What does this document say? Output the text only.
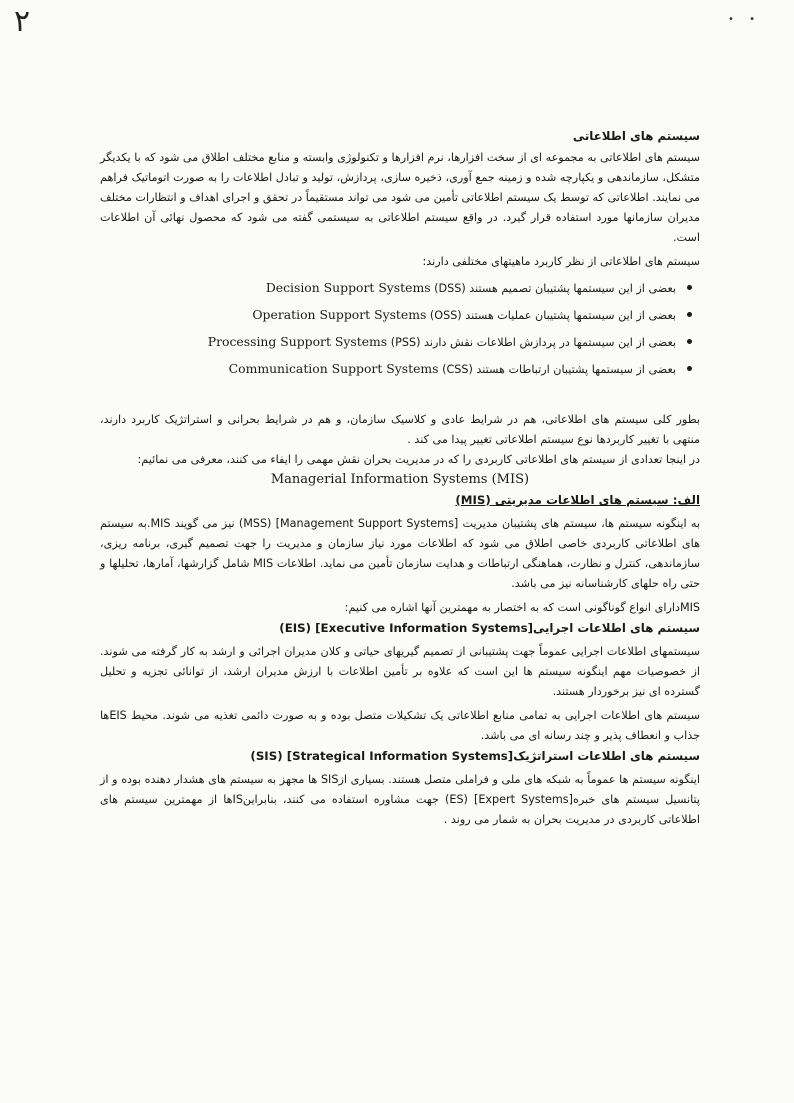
۲	• •

سیستم های اطلاعاتی

سیستم های اطلاعاتی به مجموعه ای از سخت افزارها، نرم افزارها و تکنولوژی وابسته و منابع مختلف اطلاق می شود که با یکدیگر متشکل، سازماندهی و یکپارچه شده و زمینه جمع آوری، ذخیره سازی، پردازش، تولید و تبادل اطلاعات را به صورت اتوماتیک فراهم می نمایند. اطلاعاتی که توسط یک سیستم اطلاعاتی تأمین می شود می تواند مستقیماً در تحقق و اجرای اهداف و انتظارات مختلف مدیران سازمانها مورد استفاده قرار گیرد. در واقع سیستم اطلاعاتی به سیستمی گفته می شود که محصول نهائی آن اطلاعات است.

سیستم های اطلاعاتی از نظر کاربرد ماهیتهای مختلفی دارند:

بعضی از این سیستمها پشتیبان تصمیم هستند (DSS) Decision Support Systems
بعضی از این سیستمها پشتیبان عملیات هستند (OSS) Operation Support Systems
بعضی از این سیستمها در پردازش اطلاعات نقش دارند (PSS) Processing Support Systems
بعضی از سیستمها پشتیبان ارتباطات هستند (CSS) Communication Support Systems

بطور کلی سیستم های اطلاعاتی، هم در شرایط عادی و کلاسیک سازمان، و هم در شرایط بحرانی و استراتژیک کاربرد دارند، منتهی با تغییر کاربردها نوع سیستم اطلاعاتی تغییر پیدا می کند .

در اینجا تعدادی از سیستم های اطلاعاتی کاربردی را که در مدیریت بحران نقش مهمی را ایفاء می کنند، معرفی می نمائیم:

Managerial Information Systems (MIS)

الف: سیستم های اطلاعات مدیریتی (MIS)

به اینگونه سیستم ها، سیستم های پشتیبان مدیریت [Management Support Systems] (MSS) نیز می گویند MIS.به سیستم های اطلاعاتی کاربردی خاصی اطلاق می شود که اطلاعات مورد نیاز سازمان و مدیریت را جهت تصمیم گیری، برنامه ریزی، سازماندهی، کنترل و نظارت، هماهنگی ارتباطات و هدایت سازمان تأمین می نماید. اطلاعات MIS شامل گزارشها، آمارها، تحلیلها و حتی راه حلهای کارشناسانه نیز می باشد.

MISدارای انواع گوناگونی است که به اختصار به مهمترین آنها اشاره می کنیم:

سیستم های اطلاعات اجرایی[Executive Information Systems] (EIS)

سیستمهای اطلاعات اجرایی عموماً جهت پشتیبانی از تصمیم گیریهای حیاتی و کلان مدیران اجرائی و ارشد به کار گرفته می شوند. از خصوصیات مهم اینگونه سیستم ها این است که علاوه بر تأمین اطلاعات با ارزش مدیران ارشد، از توانائی تجزیه و تحلیل گسترده ای نیز برخوردار هستند.

سیستم های اطلاعات اجرایی به تمامی منابع اطلاعاتی یک تشکیلات متصل بوده و به صورت دائمی تغذیه می شوند. محیط EISها جذاب و انعطاف پذیر و چند رسانه ای می باشد.

سیستم های اطلاعات استراتژیک[Strategical Information Systems] (SIS)

اینگونه سیستم ها عموماً به شبکه های ملی و فراملی متصل هستند. بسیاری ازSIS ها مجهز به سیستم های هشدار دهنده بوده و از پتانسیل سیستم های خبره[Expert Systems] (ES) جهت مشاوره استفاده می کنند، بنابراینISها از مهمترین سیستم های اطلاعاتی کاربردی در مدیریت بحران به شمار می روند .
